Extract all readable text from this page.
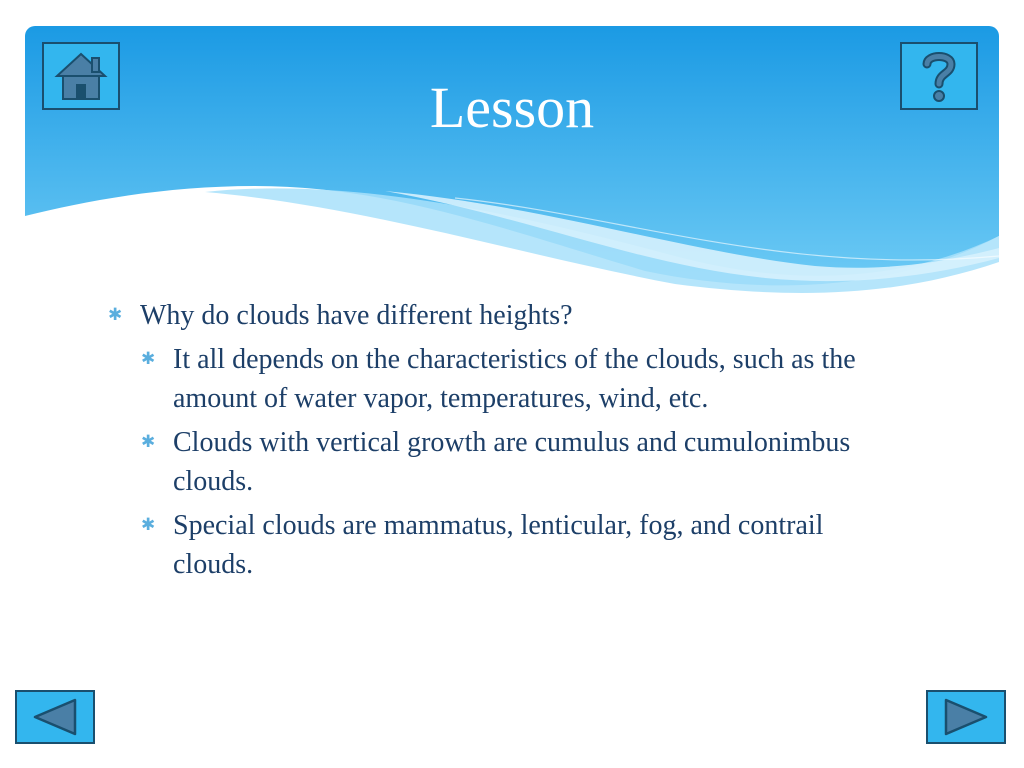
Lesson
✱ Why do clouds have different heights?
✱ It all depends on the characteristics of the clouds, such as the amount of water vapor, temperatures, wind, etc.
✱ Clouds with vertical growth are cumulus and cumulonimbus clouds.
✱ Special clouds are mammatus, lenticular, fog, and contrail clouds.
